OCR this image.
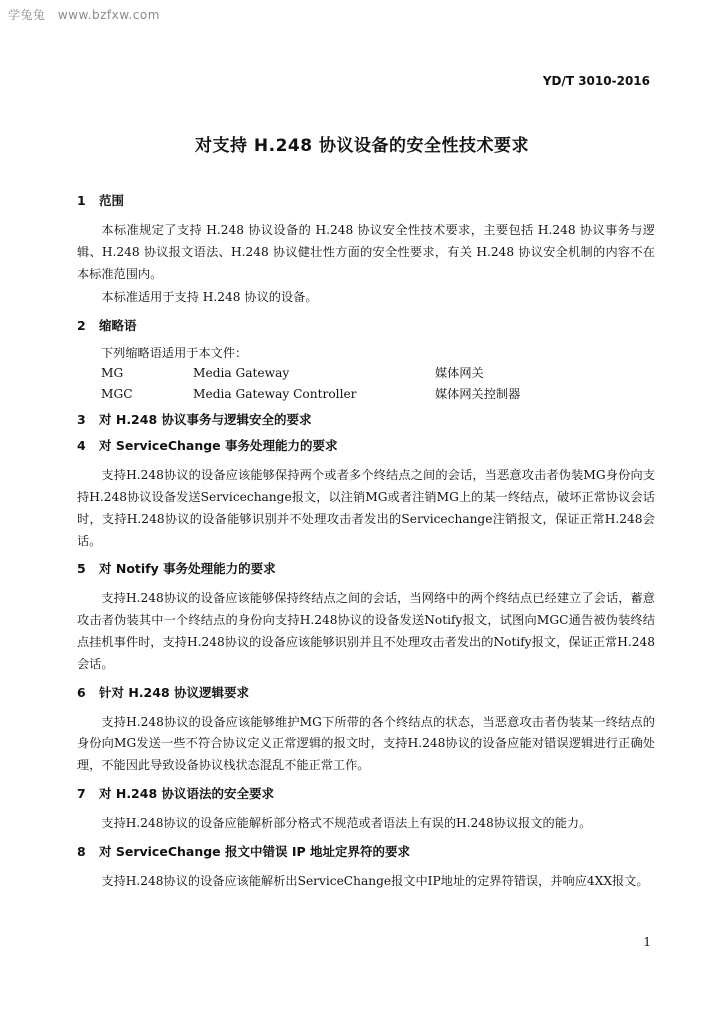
学兔兔 www.bzfxw.com
YD/T 3010-2016
对支持 H.248 协议设备的安全性技术要求
1	范围

本标准规定了支持 H.248 协议设备的 H.248 协议安全性技术要求，主要包括 H.248 协议事务与逻辑、H.248 协议报文语法、H.248 协议健壮性方面的安全性要求，有关 H.248 协议安全机制的内容不在本标准范围内。

本标准适用于支持 H.248 协议的设备。

2	缩略语
下列缩略语适用于本文件：
MG	Media Gateway	媒体网关
MGC	Media Gateway Controller	媒体网关控制器
3	对 H.248 协议事务与逻辑安全的要求
4	对 ServiceChange 事务处理能力的要求

支持H.248协议的设备应该能够保持两个或者多个终结点之间的会话，当恶意攻击者伪装MG身份向支持H.248协议设备发送Servicechange报文，以注销MG或者注销MG上的某一终结点，破坏正常协议会话时，支持H.248协议的设备能够识别并不处理攻击者发出的Servicechange注销报文，保证正常H.248会话。

5	对 Notify 事务处理能力的要求

支持H.248协议的设备应该能够保持终结点之间的会话，当网络中的两个终结点已经建立了会话，蓄意攻击者伪装其中一个终结点的身份向支持H.248协议的设备发送Notify报文，试图向MGC通告被伪装终结点挂机事件时，支持H.248协议的设备应该能够识别并且不处理攻击者发出的Notify报文，保证正常H.248会话。

6	针对 H.248 协议逻辑要求

支持H.248协议的设备应该能够维护MG下所带的各个终结点的状态，当恶意攻击者伪装某一终结点的身份向MG发送一些不符合协议定义正常逻辑的报文时，支持H.248协议的设备应能对错误逻辑进行正确处理，不能因此导致设备协议栈状态混乱不能正常工作。

7	对 H.248 协议语法的安全要求

支持H.248协议的设备应能解析部分格式不规范或者语法上有误的H.248协议报文的能力。

8	对 ServiceChange 报文中错误 IP 地址定界符的要求

支持H.248协议的设备应该能解析出ServiceChange报文中IP地址的定界符错误，并响应4XX报文。

1
